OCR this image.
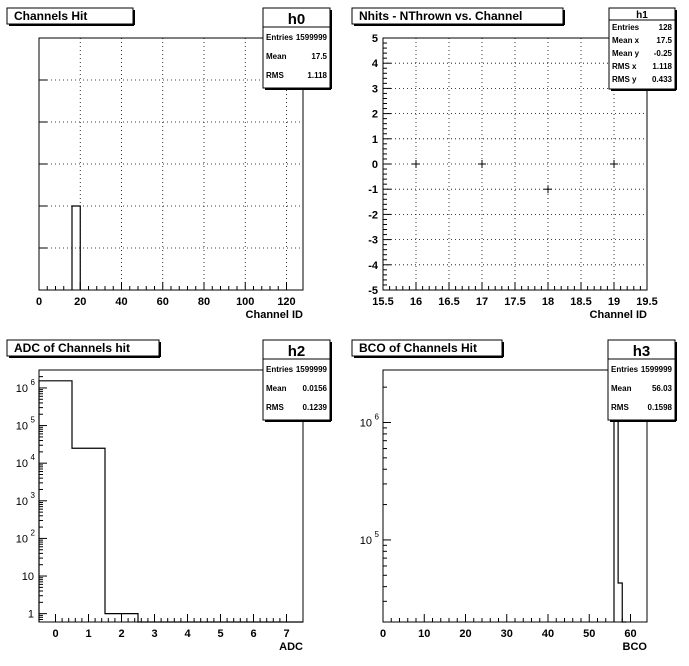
0	20	40	60	80 100 120
Channel ID
Channels Hit	h0
Entries 1599999
Mean	17.5
RMS	1.118
15.5 16 16.5 17 17.5 18 18.5 19 19.5
Channel ID
-5
-4
-3
-2
-1
0
1
2
3
4
5
Nhits - NThrown vs. Channel	h1
Entries 128
Mean x 17.5
Mean y -0.25
RMS x 1.118
RMS y 0.433
0 1 2 3 4 5 6 7
ADC
1
10
10
2
10
3
10
4
10
5
10
6
ADC of Channels hit	h2
Entries 1599999
Mean 0.0156
RMS 0.1239
0	10	20	30	40	50	60
BCO
10
5
10
6
BCO of Channels Hit	h3
Entries 1599999
Mean	56.03
RMS 0.1598
